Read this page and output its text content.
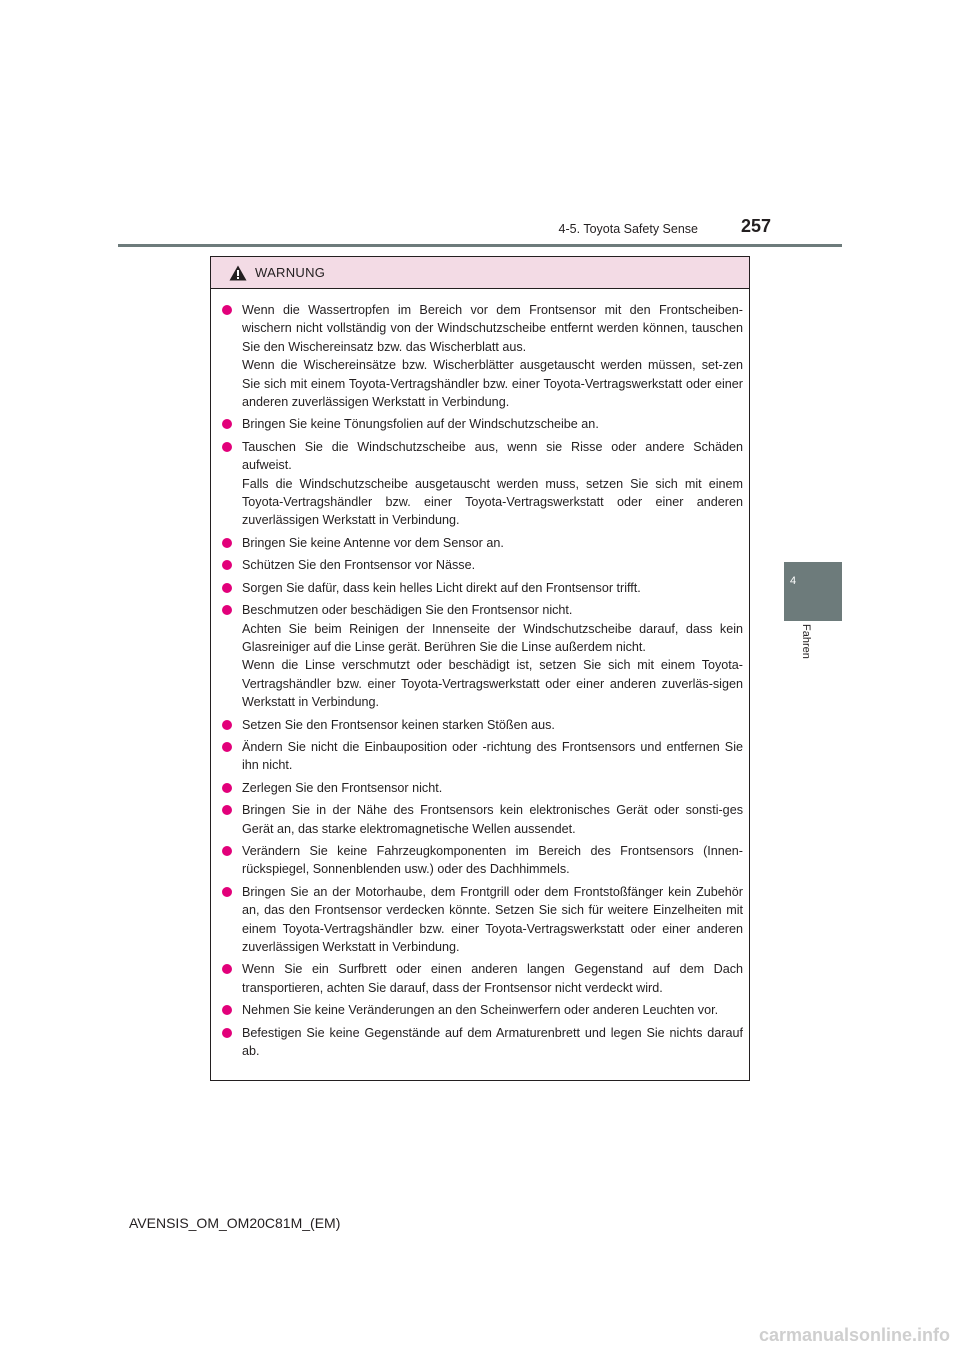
4-5. Toyota Safety Sense 257
4
Fahren
WARNUNG
Wenn die Wassertropfen im Bereich vor dem Frontsensor mit den Frontscheiben-wischern nicht vollständig von der Windschutzscheibe entfernt werden können, tauschen Sie den Wischereinsatz bzw. das Wischerblatt aus.
Wenn die Wischereinsätze bzw. Wischerblätter ausgetauscht werden müssen, set-zen Sie sich mit einem Toyota-Vertragshändler bzw. einer Toyota-Vertragswerkstatt oder einer anderen zuverlässigen Werkstatt in Verbindung.
Bringen Sie keine Tönungsfolien auf der Windschutzscheibe an.
Tauschen Sie die Windschutzscheibe aus, wenn sie Risse oder andere Schäden aufweist.
Falls die Windschutzscheibe ausgetauscht werden muss, setzen Sie sich mit einem Toyota-Vertragshändler bzw. einer Toyota-Vertragswerkstatt oder einer anderen zuverlässigen Werkstatt in Verbindung.
Bringen Sie keine Antenne vor dem Sensor an.
Schützen Sie den Frontsensor vor Nässe.
Sorgen Sie dafür, dass kein helles Licht direkt auf den Frontsensor trifft.
Beschmutzen oder beschädigen Sie den Frontsensor nicht.
Achten Sie beim Reinigen der Innenseite der Windschutzscheibe darauf, dass kein Glasreiniger auf die Linse gerät. Berühren Sie die Linse außerdem nicht.
Wenn die Linse verschmutzt oder beschädigt ist, setzen Sie sich mit einem Toyota-Vertragshändler bzw. einer Toyota-Vertragswerkstatt oder einer anderen zuverläs-sigen Werkstatt in Verbindung.
Setzen Sie den Frontsensor keinen starken Stößen aus.
Ändern Sie nicht die Einbauposition oder -richtung des Frontsensors und entfernen Sie ihn nicht.
Zerlegen Sie den Frontsensor nicht.
Bringen Sie in der Nähe des Frontsensors kein elektronisches Gerät oder sonsti-ges Gerät an, das starke elektromagnetische Wellen aussendet.
Verändern Sie keine Fahrzeugkomponenten im Bereich des Frontsensors (Innen-rückspiegel, Sonnenblenden usw.) oder des Dachhimmels.
Bringen Sie an der Motorhaube, dem Frontgrill oder dem Frontstoßfänger kein Zubehör an, das den Frontsensor verdecken könnte. Setzen Sie sich für weitere Einzelheiten mit einem Toyota-Vertragshändler bzw. einer Toyota-Vertragswerkstatt oder einer anderen zuverlässigen Werkstatt in Verbindung.
Wenn Sie ein Surfbrett oder einen anderen langen Gegenstand auf dem Dach transportieren, achten Sie darauf, dass der Frontsensor nicht verdeckt wird.
Nehmen Sie keine Veränderungen an den Scheinwerfern oder anderen Leuchten vor.
Befestigen Sie keine Gegenstände auf dem Armaturenbrett und legen Sie nichts darauf ab.
AVENSIS_OM_OM20C81M_(EM)
carmanualsonline.info
